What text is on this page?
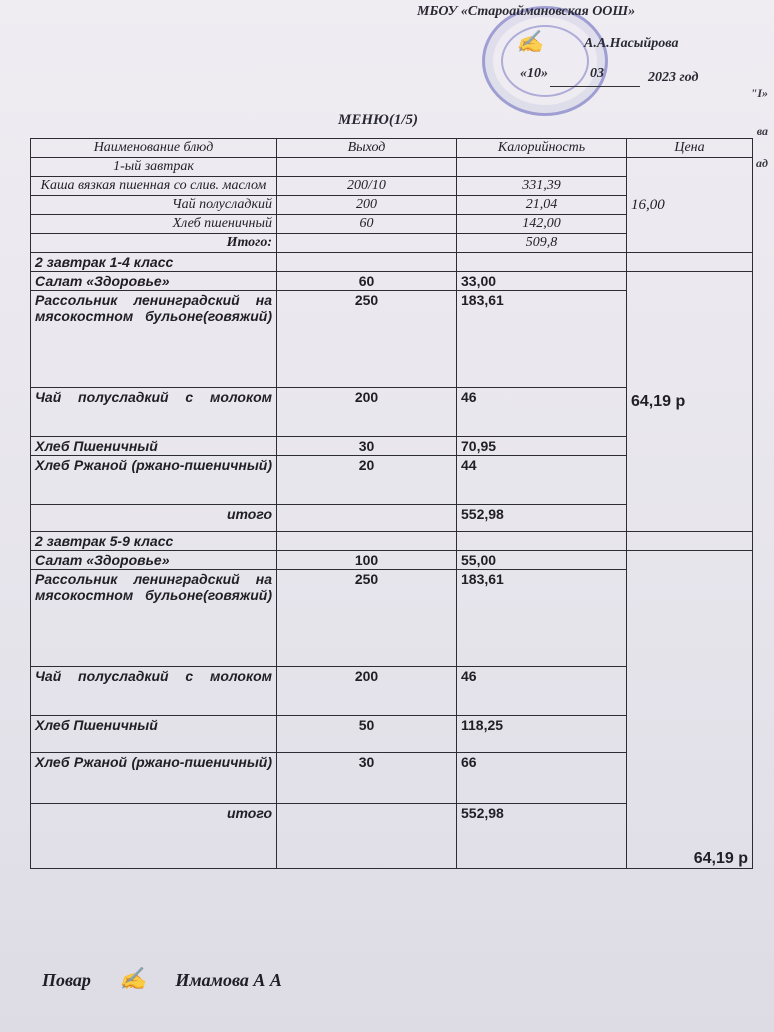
✍
МБОУ «Староаймановская ООШ»
А.А.Насыйрова
«10»	03	2023 год
МЕНЮ(1/5)
"I»
ва
ад
Наименование блюд	Выход	Калорийность	Цена
1-ый завтрак			16,00
Каша вязкая пшенная со слив. маслом	200/10	331,39	
Чай полусладкий	200	21,04	
Хлеб пшеничный	60	142,00	
Итого:		509,8	
2 завтрак 1-4 класс			
Салат «Здоровье»	60	33,00	64,19 р
Рассольник ленинградский на мясокостном бульоне(говяжий)	250	183,61	
Чай полусладкий с молоком	200	46	
Хлеб Пшеничный	30	70,95	
Хлеб Ржаной (ржано-пшеничный)	20	44	
итого		552,98	
2 завтрак 5-9 класс			
Салат «Здоровье»	100	55,00	64,19 р
Рассольник ленинградский на мясокостном бульоне(говяжий)	250	183,61	
Чай полусладкий с молоком	200	46	
Хлеб Пшеничный	50	118,25	
Хлеб Ржаной (ржано-пшеничный)	30	66	
итого		552,98	
Повар ✍ Имамова А А
